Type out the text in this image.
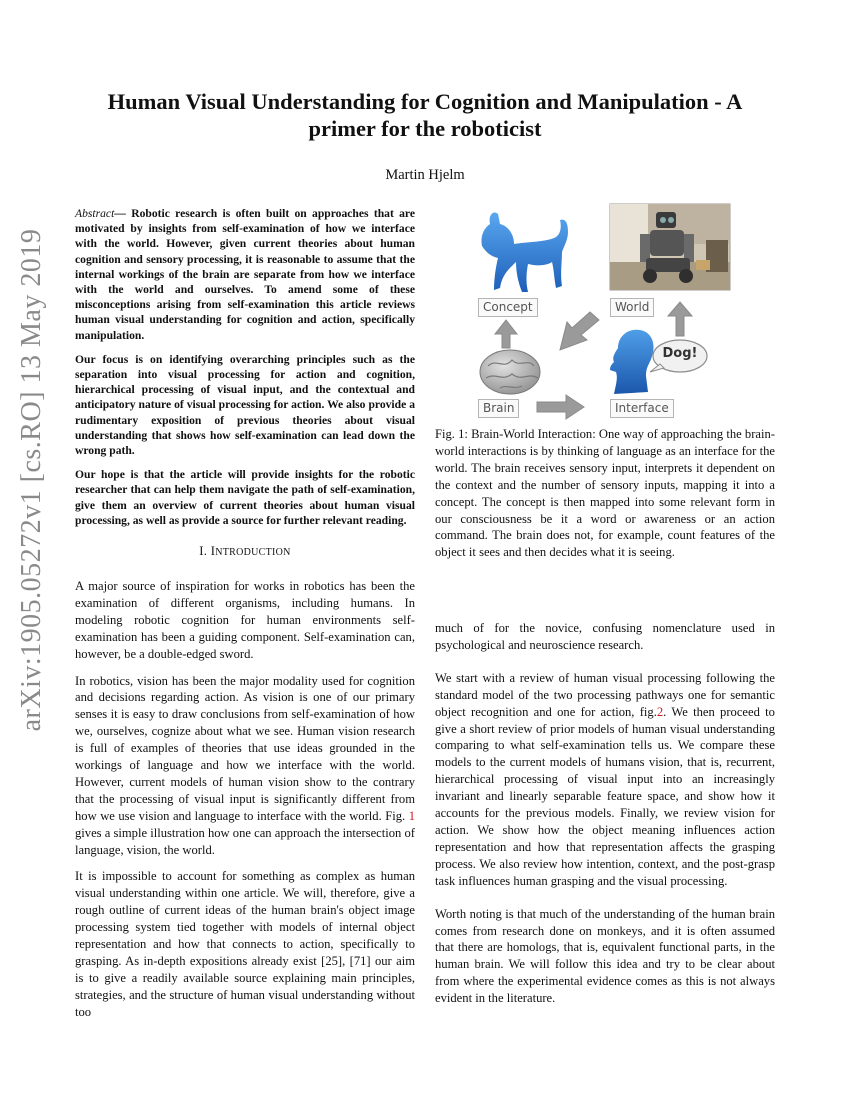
arXiv:1905.05272v1 [cs.RO] 13 May 2019
Human Visual Understanding for Cognition and Manipulation - A
primer for the roboticist
Martin Hjelm

Abstract— Robotic research is often built on approaches that are motivated by insights from self-examination of how we interface with the world. However, given current theories about human cognition and sensory processing, it is reasonable to assume that the internal workings of the brain are separate from how we interface with the world and ourselves. To amend some of these misconceptions arising from self-examination this article reviews human visual understanding for cognition and action, specifically manipulation.

Our focus is on identifying overarching principles such as the separation into visual processing for action and cognition, hierarchical processing of visual input, and the contextual and anticipatory nature of visual processing for action. We also provide a rudimentary exposition of previous theories about visual understanding that shows how self-examination can lead down the wrong path.

Our hope is that the article will provide insights for the robotic researcher that can help them navigate the path of self-examination, give them an overview of current theories about human visual processing, as well as provide a source for further relevant reading.

I. INTRODUCTION

A major source of inspiration for works in robotics has been the examination of different organisms, including humans. In modeling robotic cognition for human environments self-examination has been a guiding component. Self-examination can, however, be a double-edged sword.

In robotics, vision has been the major modality used for cognition and decisions regarding action. As vision is one of our primary senses it is easy to draw conclusions from self-examination of how we, ourselves, cognize about what we see. Human vision research is full of examples of theories that use ideas grounded in the workings of language and how we interface with the world. However, current models of human vision show to the contrary that the processing of visual input is significantly different from how we use vision and language to interface with the world. Fig. 1 gives a simple illustration how one can approach the intersection of language, vision, the world.

It is impossible to account for something as complex as human visual understanding within one article. We will, therefore, give a rough outline of current ideas of the human brain's object image processing system tied together with models of internal object representation and how that connects to action, specifically to grasping. As in-depth expositions already exist [25], [71] our aim is to give a readily available source explaining main principles, strategies, and the structure of human visual understanding without too

Concept	World
Brain	Interface
Dog!

Fig. 1: Brain-World Interaction: One way of approaching the brain-world interactions is by thinking of language as an interface for the world. The brain receives sensory input, interprets it dependent on the context and the number of sensory inputs, mapping it into a concept. The concept is then mapped into some relevant form in our consciousness be it a word or awareness or an action command. The brain does not, for example, count features of the object it sees and then decides what it is seeing.

much of for the novice, confusing nomenclature used in psychological and neuroscience research.

We start with a review of human visual processing following the standard model of the two processing pathways one for semantic object recognition and one for action, fig.2. We then proceed to give a short review of prior models of human visual understanding comparing to what self-examination tells us. We compare these models to the current models of humans vision, that is, recurrent, hierarchical processing of visual input into an increasingly invariant and linearly separable feature space, and show how it accounts for the previous models. Finally, we review vision for action. We show how the object meaning influences action representation and how that representation affects the grasping process. We also review how intention, context, and the post-grasp task influences human grasping and the visual processing.

Worth noting is that much of the understanding of the human brain comes from research done on monkeys, and it is often assumed that there are homologs, that is, equivalent functional parts, in the human brain. We will follow this idea and try to be clear about from where the experimental evidence comes as this is not always evident in the literature.
